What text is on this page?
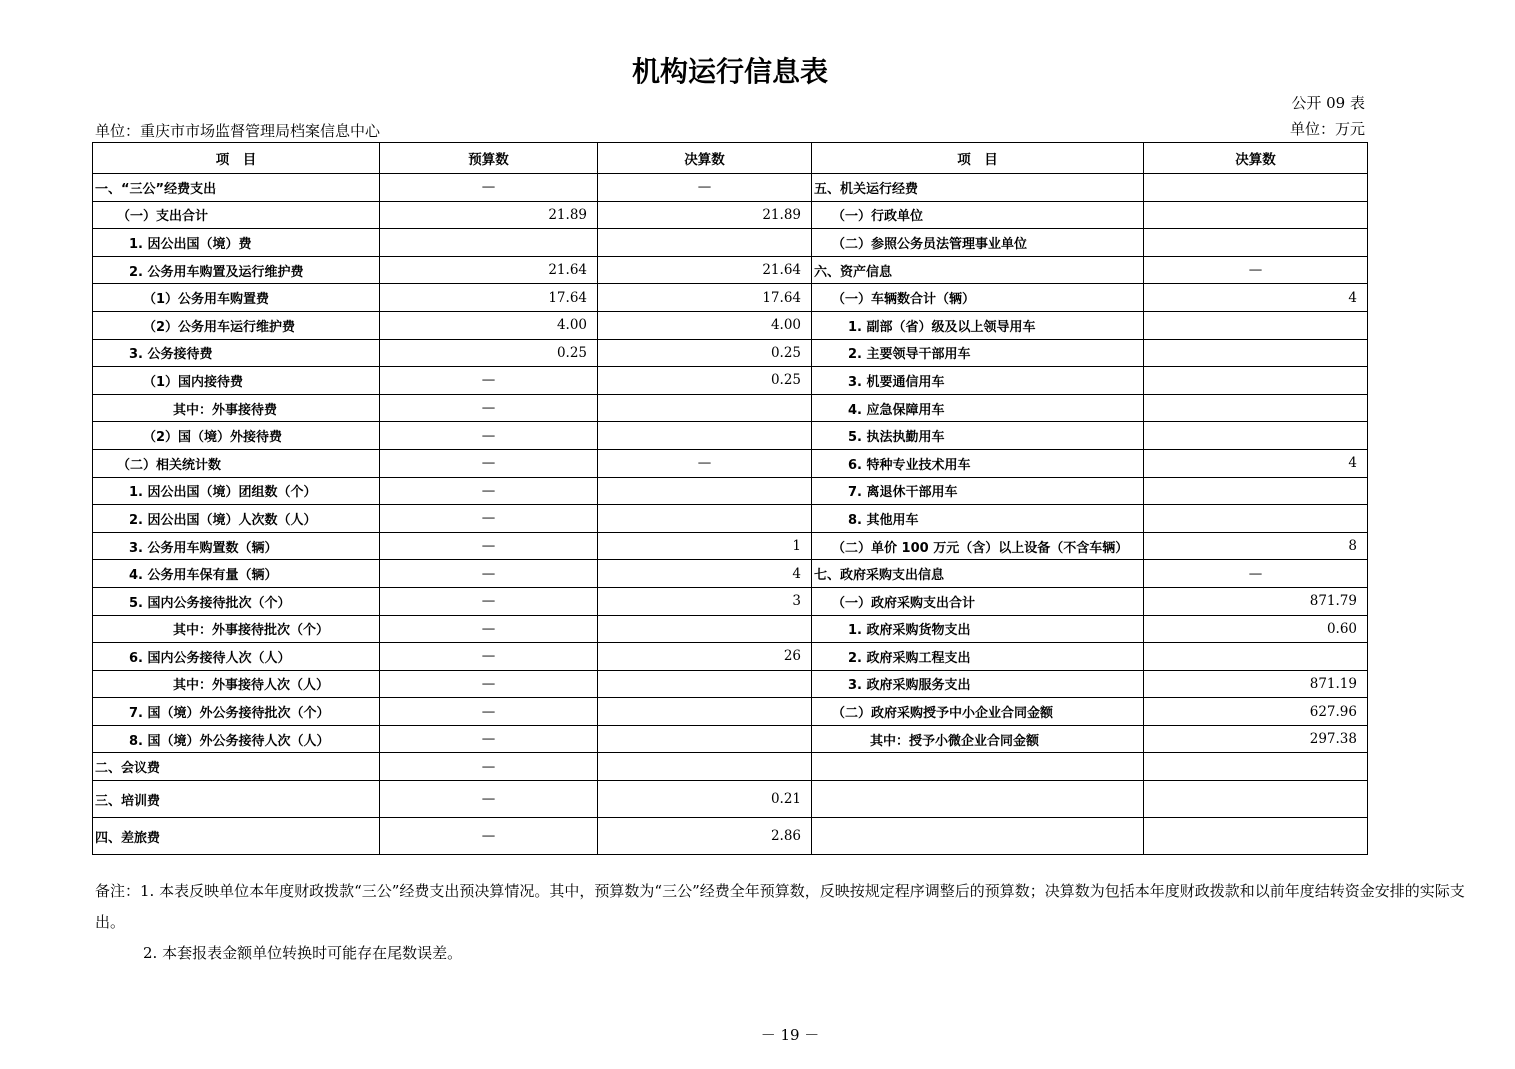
机构运行信息表
公开 09 表
单位：重庆市市场监督管理局档案信息中心	单位：万元
项　目	预算数	决算数	项　目	决算数
一、“三公”经费支出	—	—	五、机关运行经费	
（一）支出合计	21.89	21.89	（一）行政单位	
1. 因公出国（境）费			（二）参照公务员法管理事业单位	
2. 公务用车购置及运行维护费	21.64	21.64	六、资产信息	—
（1）公务用车购置费	17.64	17.64	（一）车辆数合计（辆）	4
（2）公务用车运行维护费	4.00	4.00	1. 副部（省）级及以上领导用车	
3. 公务接待费	0.25	0.25	2. 主要领导干部用车	
（1）国内接待费	—	0.25	3. 机要通信用车	
其中：外事接待费	—		4. 应急保障用车	
（2）国（境）外接待费	—		5. 执法执勤用车	
（二）相关统计数	—	—	6. 特种专业技术用车	4
1. 因公出国（境）团组数（个）	—		7. 离退休干部用车	
2. 因公出国（境）人次数（人）	—		8. 其他用车	
3. 公务用车购置数（辆）	—	1	（二）单价 100 万元（含）以上设备（不含车辆）	8
4. 公务用车保有量（辆）	—	4	七、政府采购支出信息	—
5. 国内公务接待批次（个）	—	3	（一）政府采购支出合计	871.79
其中：外事接待批次（个）	—		1. 政府采购货物支出	0.60
6. 国内公务接待人次（人）	—	26	2. 政府采购工程支出	
其中：外事接待人次（人）	—		3. 政府采购服务支出	871.19
7. 国（境）外公务接待批次（个）	—		（二）政府采购授予中小企业合同金额	627.96
8. 国（境）外公务接待人次（人）	—		其中：授予小微企业合同金额	297.38
二、会议费	—			
三、培训费	—	0.21		
四、差旅费	—	2.86		

备注：1. 本表反映单位本年度财政拨款“三公”经费支出预决算情况。其中，预算数为“三公”经费全年预算数，反映按规定程序调整后的预算数；决算数为包括本年度财政拨款和以前年度结转资金安排的实际支出。

2. 本套报表金额单位转换时可能存在尾数误差。

－ 19 －
